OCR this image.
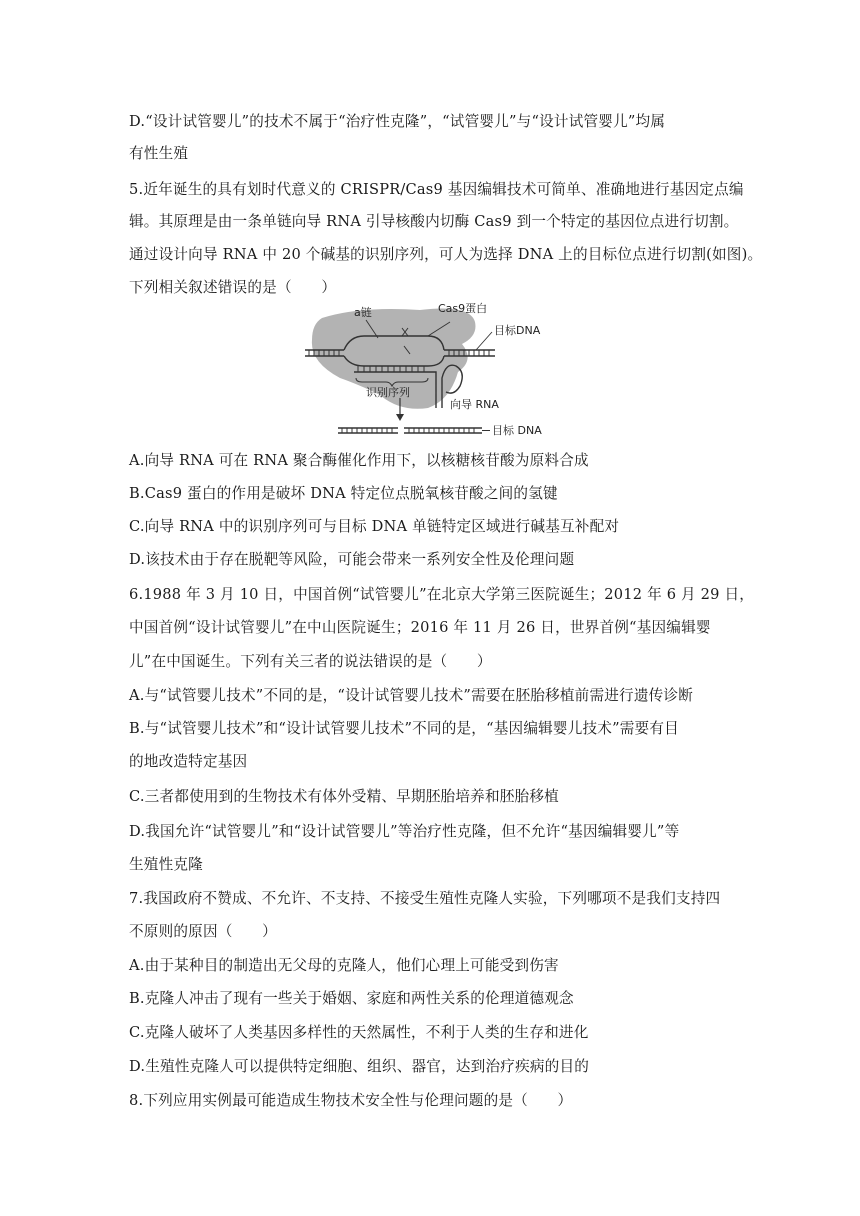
D.“设计试管婴儿”的技术不属于“治疗性克隆”，“试管婴儿”与“设计试管婴儿”均属
有性生殖
5.近年诞生的具有划时代意义的 CRISPR/Cas9 基因编辑技术可简单、准确地进行基因定点编
辑。其原理是由一条单链向导 RNA 引导核酸内切酶 Cas9 到一个特定的基因位点进行切割。
通过设计向导 RNA 中 20 个碱基的识别序列，可人为选择 DNA 上的目标位点进行切割(如图)。
下列相关叙述错误的是（　　）
a链	Cas9蛋白
目标DNA
识别序列
向导 RNA
目标 DNA
A.向导 RNA 可在 RNA 聚合酶催化作用下，以核糖核苷酸为原料合成
B.Cas9 蛋白的作用是破坏 DNA 特定位点脱氧核苷酸之间的氢键
C.向导 RNA 中的识别序列可与目标 DNA 单链特定区域进行碱基互补配对
D.该技术由于存在脱靶等风险，可能会带来一系列安全性及伦理问题
6.1988 年 3 月 10 日，中国首例“试管婴儿”在北京大学第三医院诞生；2012 年 6 月 29 日，
中国首例“设计试管婴儿”在中山医院诞生；2016 年 11 月 26 日，世界首例“基因编辑婴
儿”在中国诞生。下列有关三者的说法错误的是（　　）
A.与“试管婴儿技术”不同的是，“设计试管婴儿技术”需要在胚胎移植前需进行遗传诊断
B.与“试管婴儿技术”和“设计试管婴儿技术”不同的是，“基因编辑婴儿技术”需要有目
的地改造特定基因
C.三者都使用到的生物技术有体外受精、早期胚胎培养和胚胎移植
D.我国允许“试管婴儿”和“设计试管婴儿”等治疗性克隆，但不允许“基因编辑婴儿”等
生殖性克隆
7.我国政府不赞成、不允许、不支持、不接受生殖性克隆人实验，下列哪项不是我们支持四
不原则的原因（　　）
A.由于某种目的制造出无父母的克隆人，他们心理上可能受到伤害
B.克隆人冲击了现有一些关于婚姻、家庭和两性关系的伦理道德观念
C.克隆人破坏了人类基因多样性的天然属性，不利于人类的生存和进化
D.生殖性克隆人可以提供特定细胞、组织、器官，达到治疗疾病的目的
8.下列应用实例最可能造成生物技术安全性与伦理问题的是（　　）
